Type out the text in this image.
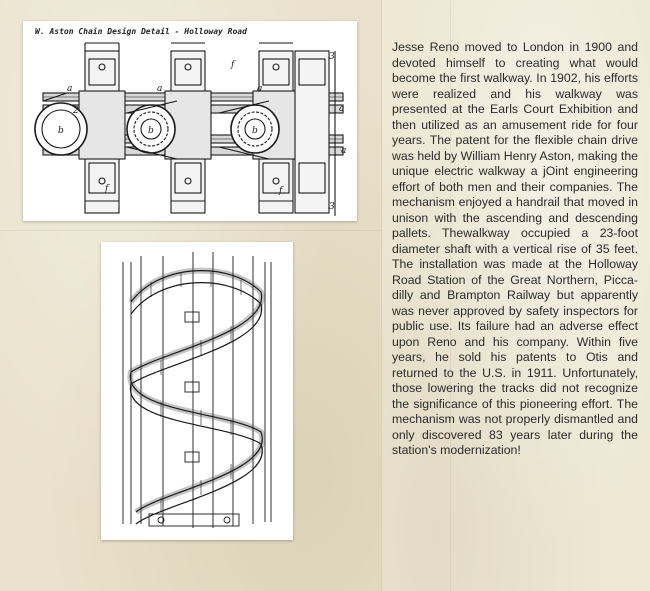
W. Aston Chain Design Detail - Holloway Road
b	b	b
a	a	a
a
a
f
f	f
3
3
2

Jesse Reno moved to London in 1900 and devoted himself to creating what would become the first walkway. In 1902, his efforts were realized and his walkway was presented at the Earls Court Exhibition and then utilized as an amusement ride for four years. The patent for the flexible chain drive was held by William Henry Aston, making the unique electric walkway a jOint engineering effort of both men and their companies. The mechanism enjoyed a handrail that moved in unison with the ascending and descending pallets. Thewalkway occupied a 23-foot diameter shaft with a vertical rise of 35 feet. The installation was made at the Holloway Road Station of the Great Northern, Piccadilly and Brampton Railway but apparently was never approved by safety inspectors for public use. Its failure had an adverse effect upon Reno and his company. Within five years, he sold his patents to Otis and returned to the U.S. in 1911. Unfortunately, those lowering the tracks did not recognize the significance of this pioneering effort. The mechanism was not properly dismantled and only discovered 83 years later during the station's modernization!
